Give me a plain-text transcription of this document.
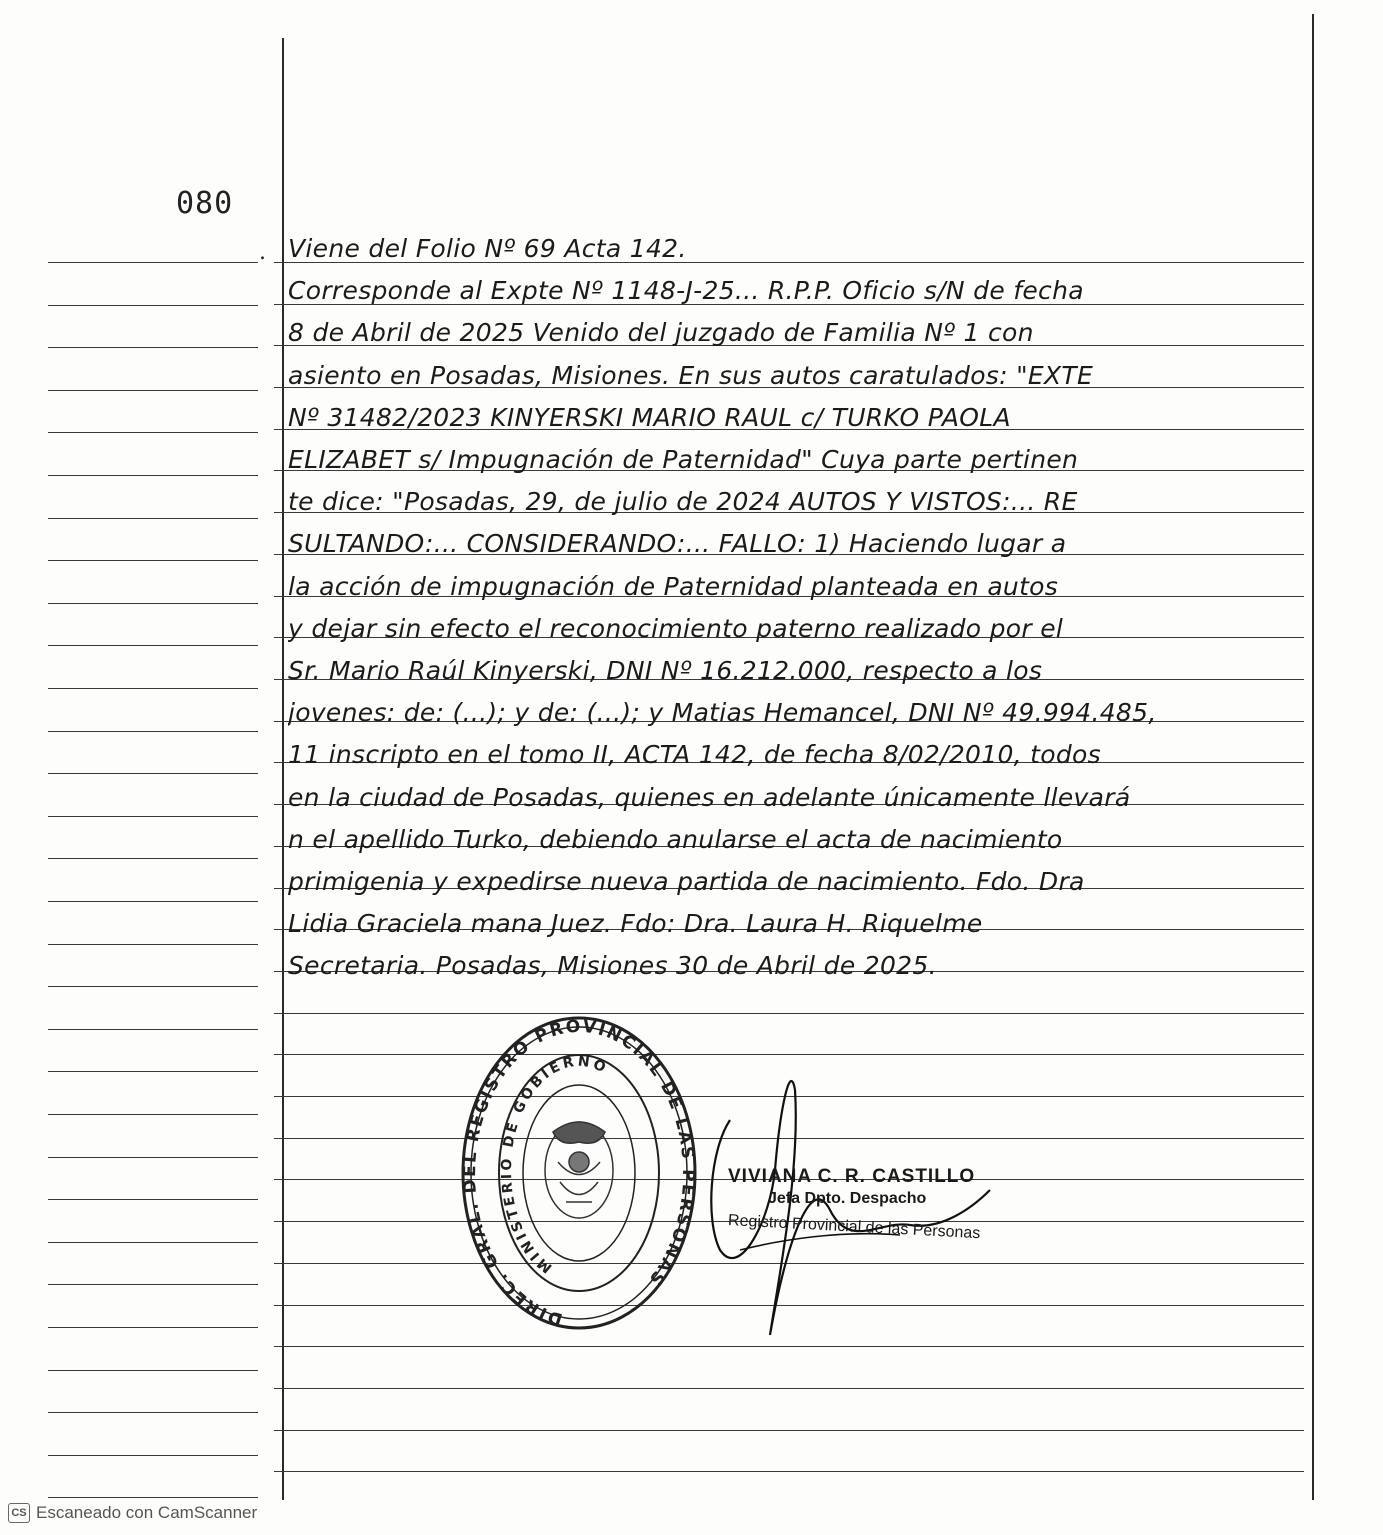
080
. Viene del Folio Nº 69 Acta 142.
Corresponde al Expte Nº 1148-J-25... R.P.P. Oficio s/N de fecha
8 de Abril de 2025 Venido del juzgado de Familia Nº 1 con
asiento en Posadas, Misiones. En sus autos caratulados: "EXTE
Nº 31482/2023 KINYERSKI MARIO RAUL c/ TURKO PAOLA
ELIZABET s/ Impugnación de Paternidad" Cuya parte pertinen
te dice: "Posadas, 29, de julio de 2024 AUTOS Y VISTOS:... RE
SULTANDO:... CONSIDERANDO:... FALLO: 1) Haciendo lugar a
la acción de impugnación de Paternidad planteada en autos
y dejar sin efecto el reconocimiento paterno realizado por el
Sr. Mario Raúl Kinyerski, DNI Nº 16.212.000, respecto a los
jovenes: de: (...); y de: (...); y Matias Hemancel, DNI Nº 49.994.485,
11 inscripto en el tomo II, ACTA 142, de fecha 8/02/2010, todos
en la ciudad de Posadas, quienes en adelante únicamente llevará
n el apellido Turko, debiendo anularse el acta de nacimiento
primigenia y expedirse nueva partida de nacimiento. Fdo. Dra
Lidia Graciela mana Juez. Fdo: Dra. Laura H. Riquelme
Secretaria. Posadas, Misiones 30 de Abril de 2025.
DIREC. GRAL. DEL REGISTRO PROVINCIAL DE LAS PERSONAS
MINISTERIO DE GOBIERNO
VIVIANA C. R. CASTILLO
Jefa Dpto. Despacho
Registro Provincial de las Personas
CS Escaneado con CamScanner
